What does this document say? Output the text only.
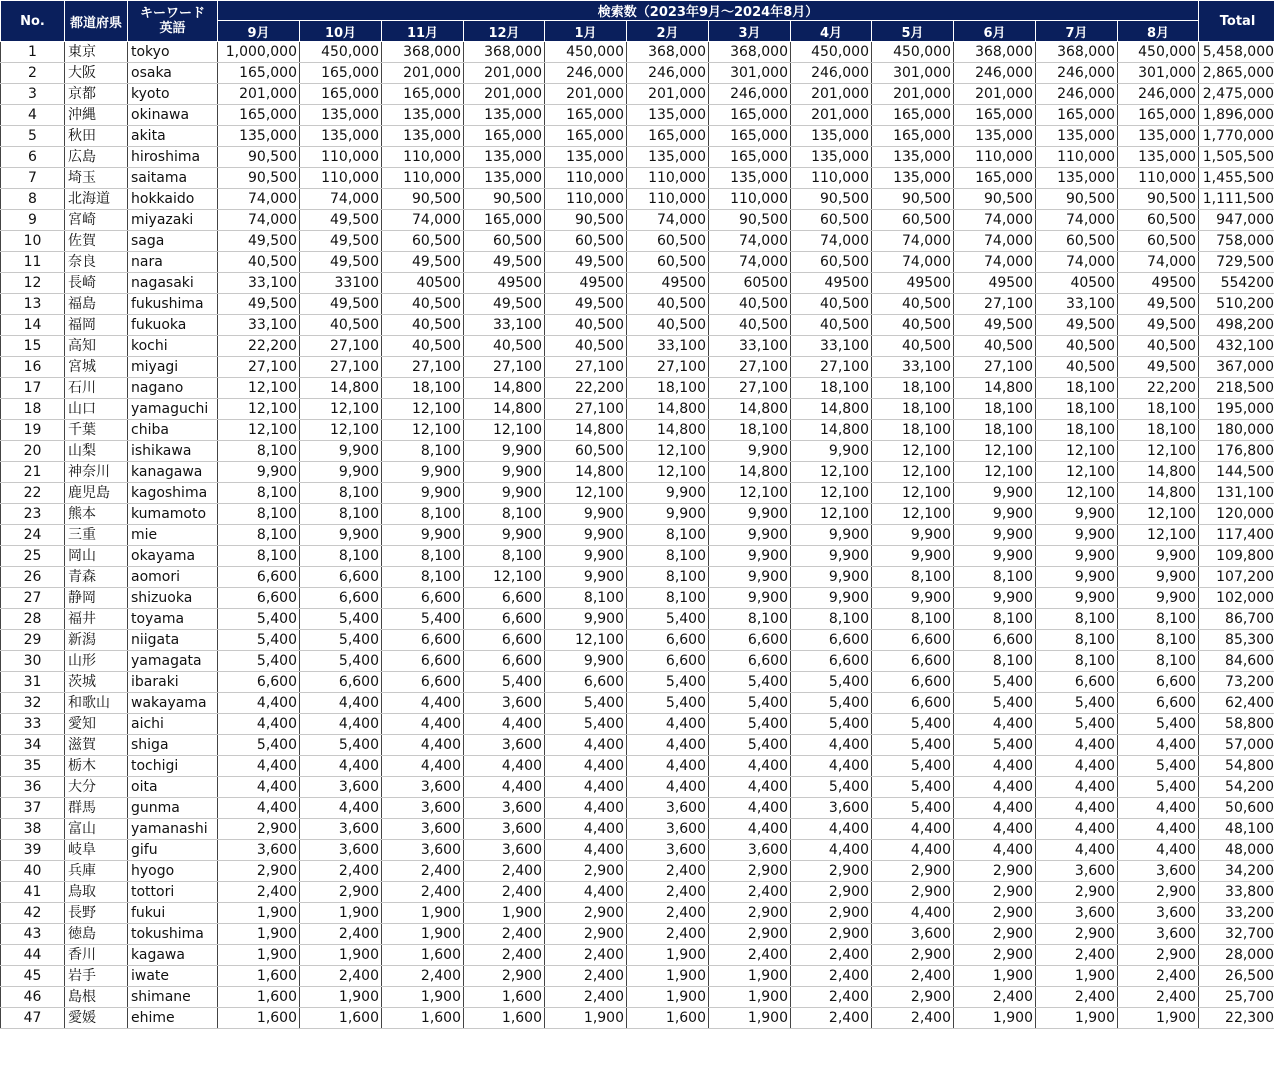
No.	都道府県	キーワード
英語	検索数（2023年9月～2024年8月）												Total
			9月	10月	11月	12月	1月	2月	3月	4月	5月	6月	7月	8月	
1	東京	tokyo	1,000,000	450,000	368,000	368,000	450,000	368,000	368,000	450,000	450,000	368,000	368,000	450,000	5,458,000
2	大阪	osaka	165,000	165,000	201,000	201,000	246,000	246,000	301,000	246,000	301,000	246,000	246,000	301,000	2,865,000
3	京都	kyoto	201,000	165,000	165,000	201,000	201,000	201,000	246,000	201,000	201,000	201,000	246,000	246,000	2,475,000
4	沖縄	okinawa	165,000	135,000	135,000	135,000	165,000	135,000	165,000	201,000	165,000	165,000	165,000	165,000	1,896,000
5	秋田	akita	135,000	135,000	135,000	165,000	165,000	165,000	165,000	135,000	165,000	135,000	135,000	135,000	1,770,000
6	広島	hiroshima	90,500	110,000	110,000	135,000	135,000	135,000	165,000	135,000	135,000	110,000	110,000	135,000	1,505,500
7	埼玉	saitama	90,500	110,000	110,000	135,000	110,000	110,000	135,000	110,000	135,000	165,000	135,000	110,000	1,455,500
8	北海道	hokkaido	74,000	74,000	90,500	90,500	110,000	110,000	110,000	90,500	90,500	90,500	90,500	90,500	1,111,500
9	宮崎	miyazaki	74,000	49,500	74,000	165,000	90,500	74,000	90,500	60,500	60,500	74,000	74,000	60,500	947,000
10	佐賀	saga	49,500	49,500	60,500	60,500	60,500	60,500	74,000	74,000	74,000	74,000	60,500	60,500	758,000
11	奈良	nara	40,500	49,500	49,500	49,500	49,500	60,500	74,000	60,500	74,000	74,000	74,000	74,000	729,500
12	長崎	nagasaki	33,100	33100	40500	49500	49500	49500	60500	49500	49500	49500	40500	49500	554200
13	福島	fukushima	49,500	49,500	40,500	49,500	49,500	40,500	40,500	40,500	40,500	27,100	33,100	49,500	510,200
14	福岡	fukuoka	33,100	40,500	40,500	33,100	40,500	40,500	40,500	40,500	40,500	49,500	49,500	49,500	498,200
15	高知	kochi	22,200	27,100	40,500	40,500	40,500	33,100	33,100	33,100	40,500	40,500	40,500	40,500	432,100
16	宮城	miyagi	27,100	27,100	27,100	27,100	27,100	27,100	27,100	27,100	33,100	27,100	40,500	49,500	367,000
17	石川	nagano	12,100	14,800	18,100	14,800	22,200	18,100	27,100	18,100	18,100	14,800	18,100	22,200	218,500
18	山口	yamaguchi	12,100	12,100	12,100	14,800	27,100	14,800	14,800	14,800	18,100	18,100	18,100	18,100	195,000
19	千葉	chiba	12,100	12,100	12,100	12,100	14,800	14,800	18,100	14,800	18,100	18,100	18,100	18,100	180,000
20	山梨	ishikawa	8,100	9,900	8,100	9,900	60,500	12,100	9,900	9,900	12,100	12,100	12,100	12,100	176,800
21	神奈川	kanagawa	9,900	9,900	9,900	9,900	14,800	12,100	14,800	12,100	12,100	12,100	12,100	14,800	144,500
22	鹿児島	kagoshima	8,100	8,100	9,900	9,900	12,100	9,900	12,100	12,100	12,100	9,900	12,100	14,800	131,100
23	熊本	kumamoto	8,100	8,100	8,100	8,100	9,900	9,900	9,900	12,100	12,100	9,900	9,900	12,100	120,000
24	三重	mie	8,100	9,900	9,900	9,900	9,900	8,100	9,900	9,900	9,900	9,900	9,900	12,100	117,400
25	岡山	okayama	8,100	8,100	8,100	8,100	9,900	8,100	9,900	9,900	9,900	9,900	9,900	9,900	109,800
26	青森	aomori	6,600	6,600	8,100	12,100	9,900	8,100	9,900	9,900	8,100	8,100	9,900	9,900	107,200
27	静岡	shizuoka	6,600	6,600	6,600	6,600	8,100	8,100	9,900	9,900	9,900	9,900	9,900	9,900	102,000
28	福井	toyama	5,400	5,400	5,400	6,600	9,900	5,400	8,100	8,100	8,100	8,100	8,100	8,100	86,700
29	新潟	niigata	5,400	5,400	6,600	6,600	12,100	6,600	6,600	6,600	6,600	6,600	8,100	8,100	85,300
30	山形	yamagata	5,400	5,400	6,600	6,600	9,900	6,600	6,600	6,600	6,600	8,100	8,100	8,100	84,600
31	茨城	ibaraki	6,600	6,600	6,600	5,400	6,600	5,400	5,400	5,400	6,600	5,400	6,600	6,600	73,200
32	和歌山	wakayama	4,400	4,400	4,400	3,600	5,400	5,400	5,400	5,400	6,600	5,400	5,400	6,600	62,400
33	愛知	aichi	4,400	4,400	4,400	4,400	5,400	4,400	5,400	5,400	5,400	4,400	5,400	5,400	58,800
34	滋賀	shiga	5,400	5,400	4,400	3,600	4,400	4,400	5,400	4,400	5,400	5,400	4,400	4,400	57,000
35	栃木	tochigi	4,400	4,400	4,400	4,400	4,400	4,400	4,400	4,400	5,400	4,400	4,400	5,400	54,800
36	大分	oita	4,400	3,600	3,600	4,400	4,400	4,400	4,400	5,400	5,400	4,400	4,400	5,400	54,200
37	群馬	gunma	4,400	4,400	3,600	3,600	4,400	3,600	4,400	3,600	5,400	4,400	4,400	4,400	50,600
38	富山	yamanashi	2,900	3,600	3,600	3,600	4,400	3,600	4,400	4,400	4,400	4,400	4,400	4,400	48,100
39	岐阜	gifu	3,600	3,600	3,600	3,600	4,400	3,600	3,600	4,400	4,400	4,400	4,400	4,400	48,000
40	兵庫	hyogo	2,900	2,400	2,400	2,400	2,900	2,400	2,900	2,900	2,900	2,900	3,600	3,600	34,200
41	鳥取	tottori	2,400	2,900	2,400	2,400	4,400	2,400	2,400	2,900	2,900	2,900	2,900	2,900	33,800
42	長野	fukui	1,900	1,900	1,900	1,900	2,900	2,400	2,900	2,900	4,400	2,900	3,600	3,600	33,200
43	徳島	tokushima	1,900	2,400	1,900	2,400	2,900	2,400	2,900	2,900	3,600	2,900	2,900	3,600	32,700
44	香川	kagawa	1,900	1,900	1,600	2,400	2,400	1,900	2,400	2,400	2,900	2,900	2,400	2,900	28,000
45	岩手	iwate	1,600	2,400	2,400	2,900	2,400	1,900	1,900	2,400	2,400	1,900	1,900	2,400	26,500
46	島根	shimane	1,600	1,900	1,900	1,600	2,400	1,900	1,900	2,400	2,900	2,400	2,400	2,400	25,700
47	愛媛	ehime	1,600	1,600	1,600	1,600	1,900	1,600	1,900	2,400	2,400	1,900	1,900	1,900	22,300
